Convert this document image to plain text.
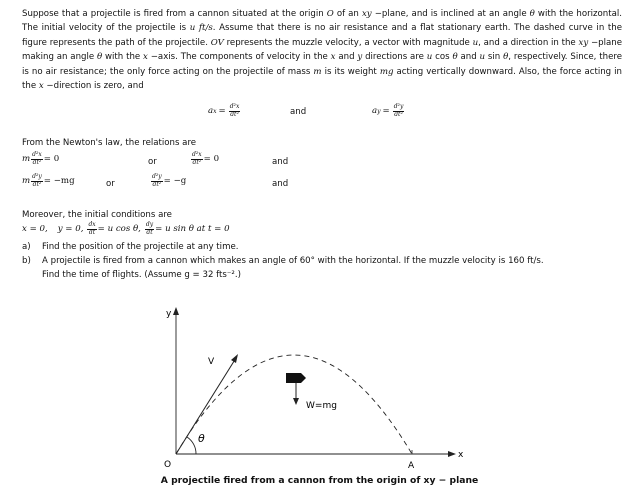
Suppose that a projectile is fired from a cannon situated at the origin O of an xy −plane, and is inclined at an angle θ with the horizontal. The initial velocity of the projectile is u ft/s. Assume that there is no air resistance and a flat stationary earth. The dashed curve in the figure represents the path of the projectile. OV represents the muzzle velocity, a vector with magnitude u, and a direction in the xy −plane making an angle θ with the x −axis. The components of velocity in the x and y directions are u cos θ and u sin θ, respectively. Since, there is no air resistance; the only force acting on the projectile of mass m is its weight mg acting vertically downward. Also, the force acting in the x −direction is zero, and

a $x = \frac{\text{d²x}}{\text{dt²}}$	and	a $y = \frac{\text{d²y}}{\text{dt²}}$
From the Newton's law, the relations are
m $\frac{\text{d²x}}{\text{dt²}} = 0$	or	$\frac{\text{d²x}}{\text{dt²}} = 0$	and
m $\frac{\text{d²y}}{\text{dt²}} = -mg$	or	$\frac{\text{d²y}}{\text{dt²}} = -g$	and
Moreover, the initial conditions are
x = 0, y = 0, $\frac{dx}{dt} = u$ cos θ, $\frac{dy}{dt} = u$ sin θ at t = 0
a) Find the position of the projectile at any time.
b) A projectile is fired from a cannon which makes an angle of 60° with the horizontal. If the muzzle velocity is 160 ft/s.
Find the time of flights. (Assume g = 32 fts⁻².)
y
x
V
θ
W=mg
O	A
A projectile fired from a cannon from the origin of xy − plane
